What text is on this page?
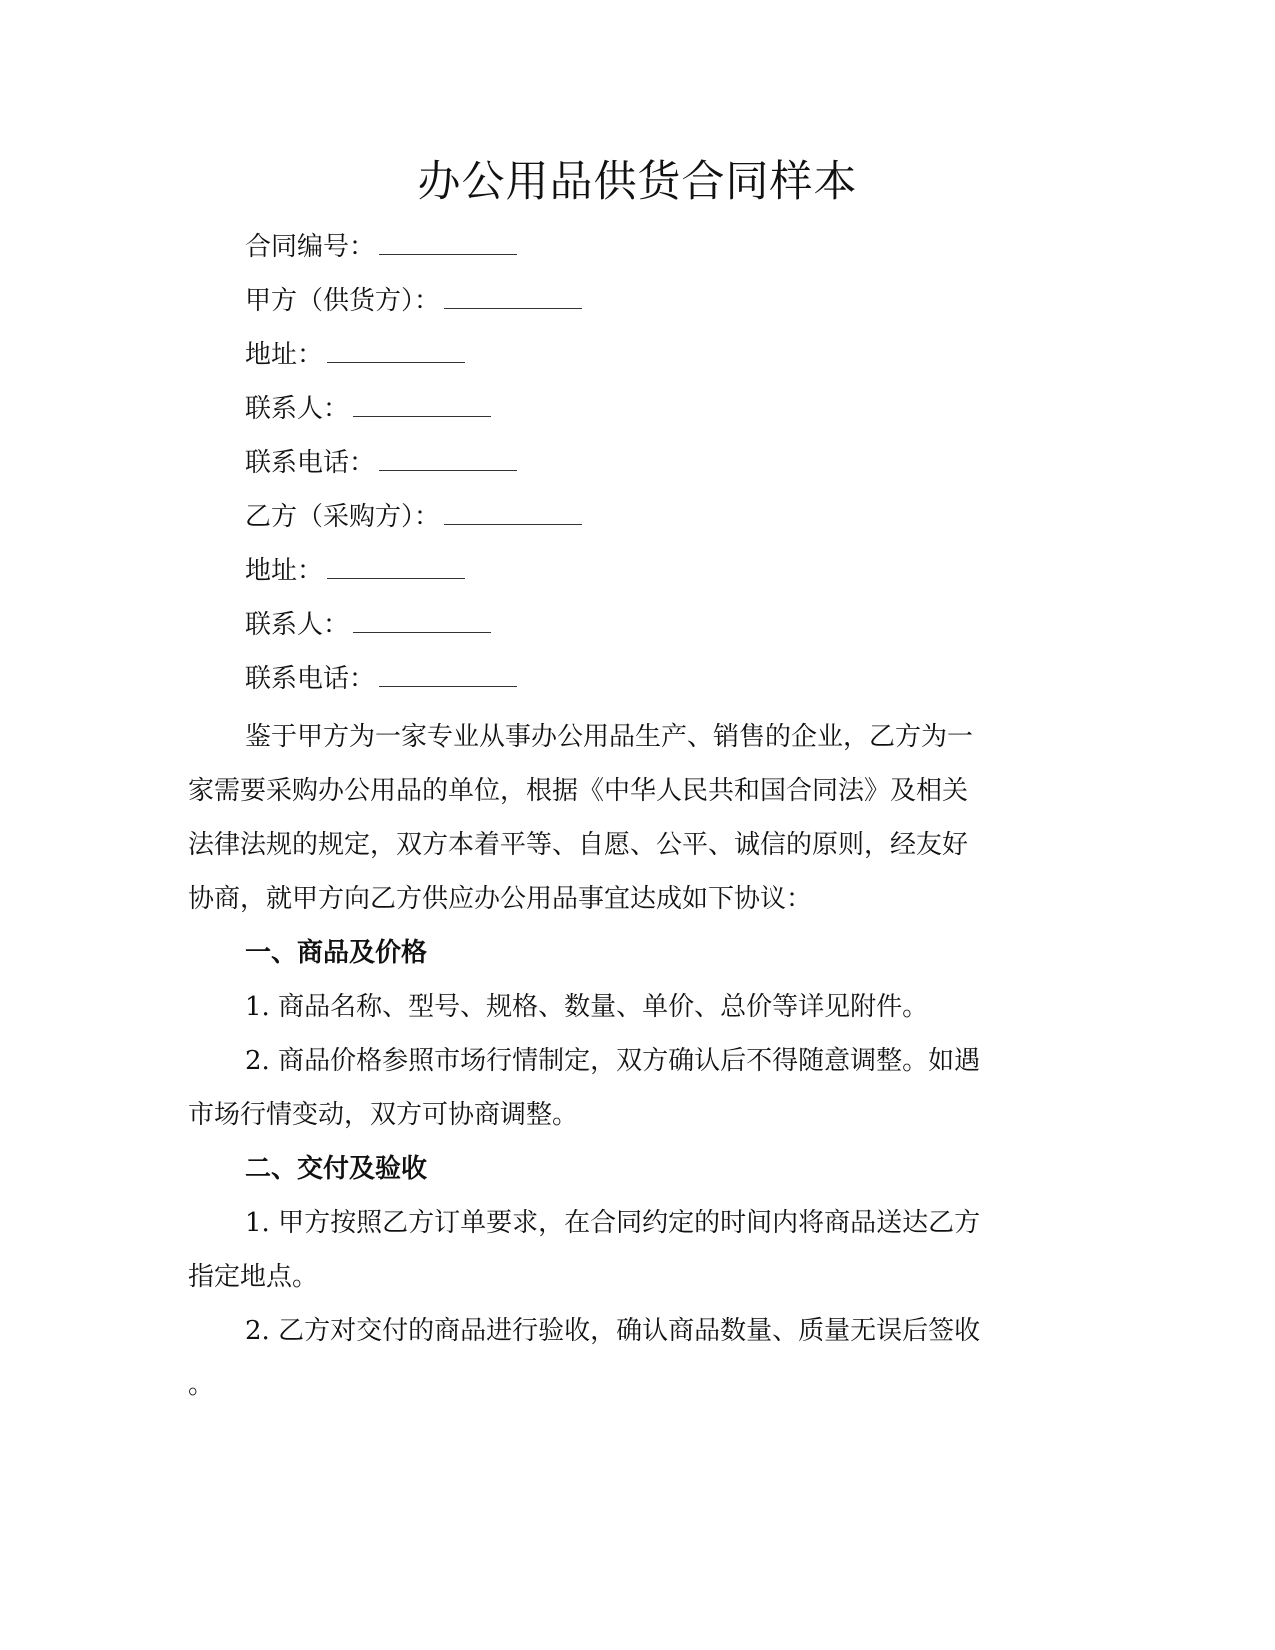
办公用品供货合同样本
合同编号：
甲方（供货方）：
地址：
联系人：
联系电话：
乙方（采购方）：
地址：
联系人：
联系电话：
鉴于甲方为一家专业从事办公用品生产、销售的企业，乙方为一
家需要采购办公用品的单位，根据《中华人民共和国合同法》及相关
法律法规的规定，双方本着平等、自愿、公平、诚信的原则，经友好
协商，就甲方向乙方供应办公用品事宜达成如下协议：
一、商品及价格
1. 商品名称、型号、规格、数量、单价、总价等详见附件。
2. 商品价格参照市场行情制定，双方确认后不得随意调整。如遇
市场行情变动，双方可协商调整。
二、交付及验收
1. 甲方按照乙方订单要求，在合同约定的时间内将商品送达乙方
指定地点。
2. 乙方对交付的商品进行验收，确认商品数量、质量无误后签收
。
